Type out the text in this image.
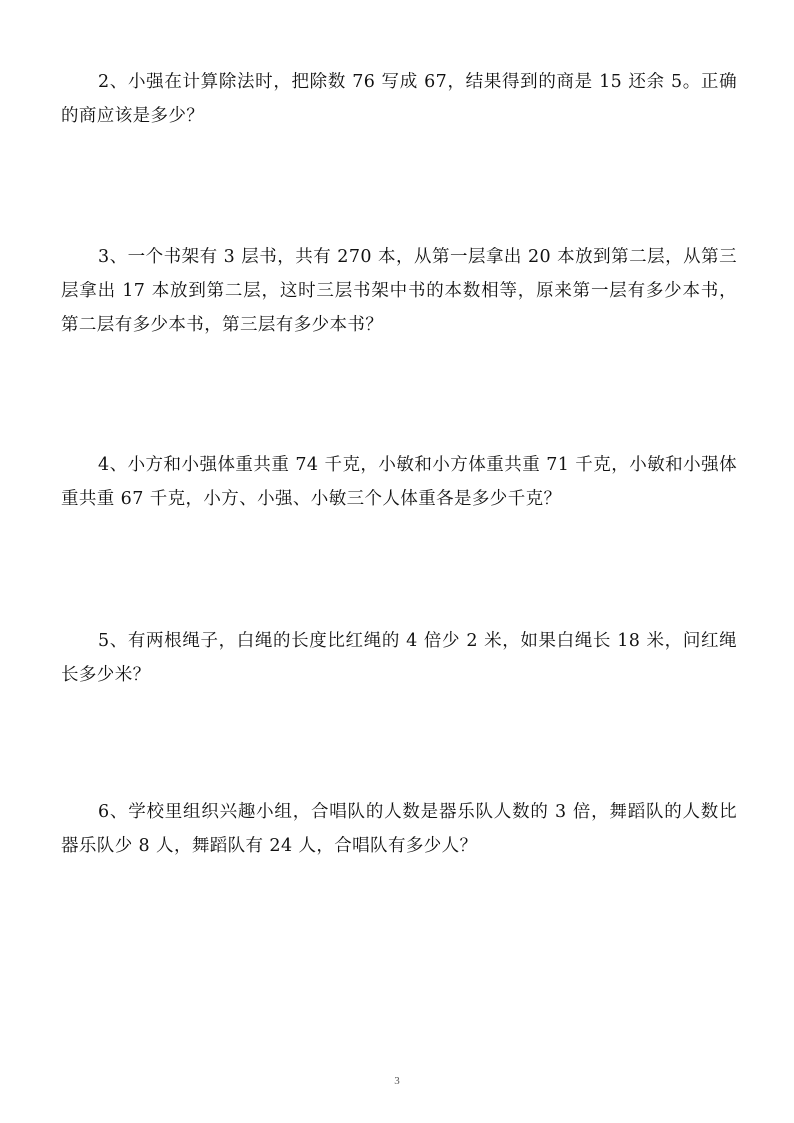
2、小强在计算除法时，把除数 76 写成 67，结果得到的商是 15 还余 5。正确的商应该是多少？

3、一个书架有 3 层书，共有 270 本，从第一层拿出 20 本放到第二层，从第三层拿出 17 本放到第二层，这时三层书架中书的本数相等，原来第一层有多少本书，第二层有多少本书，第三层有多少本书？

4、小方和小强体重共重 74 千克，小敏和小方体重共重 71 千克，小敏和小强体重共重 67 千克，小方、小强、小敏三个人体重各是多少千克？

5、有两根绳子，白绳的长度比红绳的 4 倍少 2 米，如果白绳长 18 米，问红绳长多少米？

6、学校里组织兴趣小组，合唱队的人数是器乐队人数的 3 倍，舞蹈队的人数比器乐队少 8 人，舞蹈队有 24 人，合唱队有多少人？

3
